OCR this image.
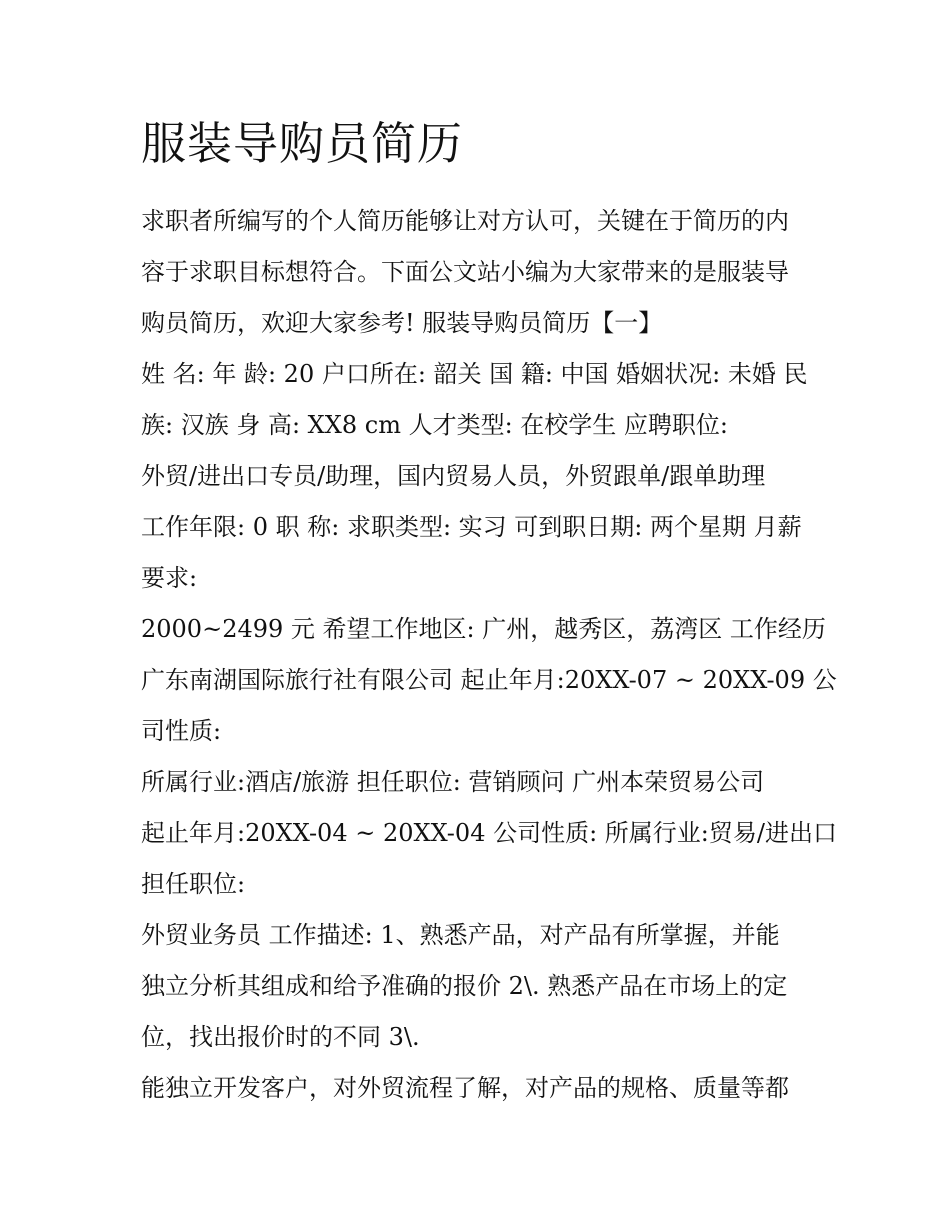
服装导购员简历
求职者所编写的个人简历能够让对方认可，关键在于简历的内
容于求职目标想符合。下面公文站小编为大家带来的是服装导
购员简历，欢迎大家参考! 服装导购员简历【一】
姓 名: 年 龄: 20 户口所在: 韶关 国 籍: 中国 婚姻状况: 未婚 民
族: 汉族 身 高: XX8 cm 人才类型: 在校学生 应聘职位:
外贸/进出口专员/助理，国内贸易人员，外贸跟单/跟单助理
工作年限: 0 职 称: 求职类型: 实习 可到职日期: 两个星期 月薪
要求:
2000~2499 元 希望工作地区: 广州，越秀区，荔湾区 工作经历
广东南湖国际旅行社有限公司 起止年月:20XX-07 ~ 20XX-09 公
司性质:
所属行业:酒店/旅游 担任职位: 营销顾问 广州本荣贸易公司
起止年月:20XX-04 ~ 20XX-04 公司性质: 所属行业:贸易/进出口
担任职位:
外贸业务员 工作描述: 1、熟悉产品，对产品有所掌握，并能
独立分析其组成和给予准确的报价 2\. 熟悉产品在市场上的定
位，找出报价时的不同 3\.
能独立开发客户，对外贸流程了解，对产品的规格、质量等都
